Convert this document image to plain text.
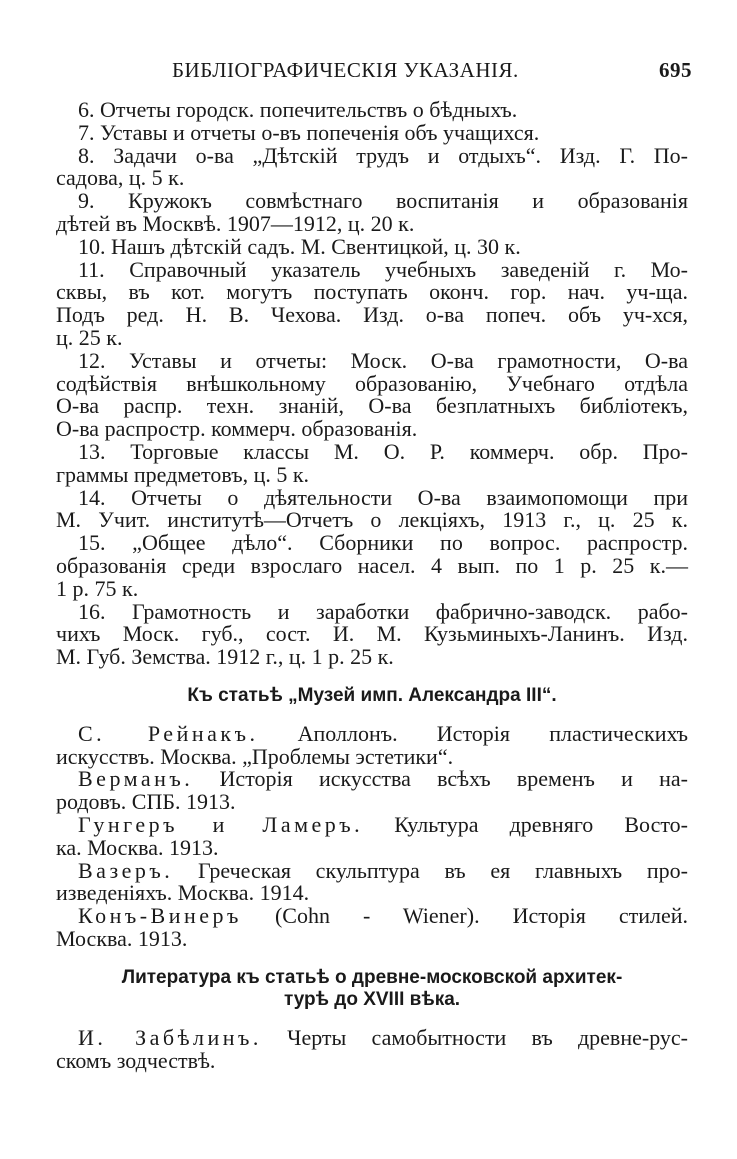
БИБЛІОГРАФИЧЕСКІЯ УКАЗАНІЯ.	695
6. Отчеты городск. попечительствъ о бѣдныхъ.
7. Уставы и отчеты о-въ попеченія объ учащихся.
8. Задачи о-ва „Дѣтскій трудъ и отдыхъ“. Изд. Г. По-
садова, ц. 5 к.
9. Кружокъ совмѣстнаго воспитанія и образованія
дѣтей въ Москвѣ. 1907—1912, ц. 20 к.
10. Нашъ дѣтскій садъ. М. Свентицкой, ц. 30 к.
11. Справочный указатель учебныхъ заведеній г. Мо-
сквы, въ кот. могутъ поступать оконч. гор. нач. уч-ща.
Подъ ред. Н. В. Чехова. Изд. о-ва попеч. объ уч-хся,
ц. 25 к.
12. Уставы и отчеты: Моск. О-ва грамотности, О-ва
содѣйствія внѣшкольному образованію, Учебнаго отдѣла
О-ва распр. техн. знаній, О-ва безплатныхъ библіотекъ,
О-ва распростр. коммерч. образованія.
13. Торговые классы М. О. Р. коммерч. обр. Про-
граммы предметовъ, ц. 5 к.
14. Отчеты о дѣятельности О-ва взаимопомощи при
М. Учит. институтѣ—Отчетъ о лекціяхъ, 1913 г., ц. 25 к.
15. „Общее дѣло“. Сборники по вопрос. распростр.
образованія среди взрослаго насел. 4 вып. по 1 р. 25 к.—
1 р. 75 к.
16. Грамотность и заработки фабрично-заводск. рабо-
чихъ Моск. губ., сост. И. М. Кузьминыхъ-Ланинъ. Изд.
М. Губ. Земства. 1912 г., ц. 1 р. 25 к.
Къ статьѣ „Музей имп. Александра III“.
С. Рейнакъ. Аполлонъ. Исторія пластическихъ
искусствъ. Москва. „Проблемы эстетики“.
Верманъ. Исторія искусства всѣхъ временъ и на-
родовъ. СПБ. 1913.
Гунгеръ и Ламеръ. Культура древняго Восто-
ка. Москва. 1913.
Вазеръ. Греческая скульптура въ ея главныхъ про-
изведеніяхъ. Москва. 1914.
Конъ-Винеръ (Cohn - Wiener). Исторія стилей.
Москва. 1913.
Литература къ статьѣ о древне-московской архитек-
турѣ до XVIII вѣка.
И. Забѣлинъ. Черты самобытности въ древне-рус-
скомъ зодчествѣ.
